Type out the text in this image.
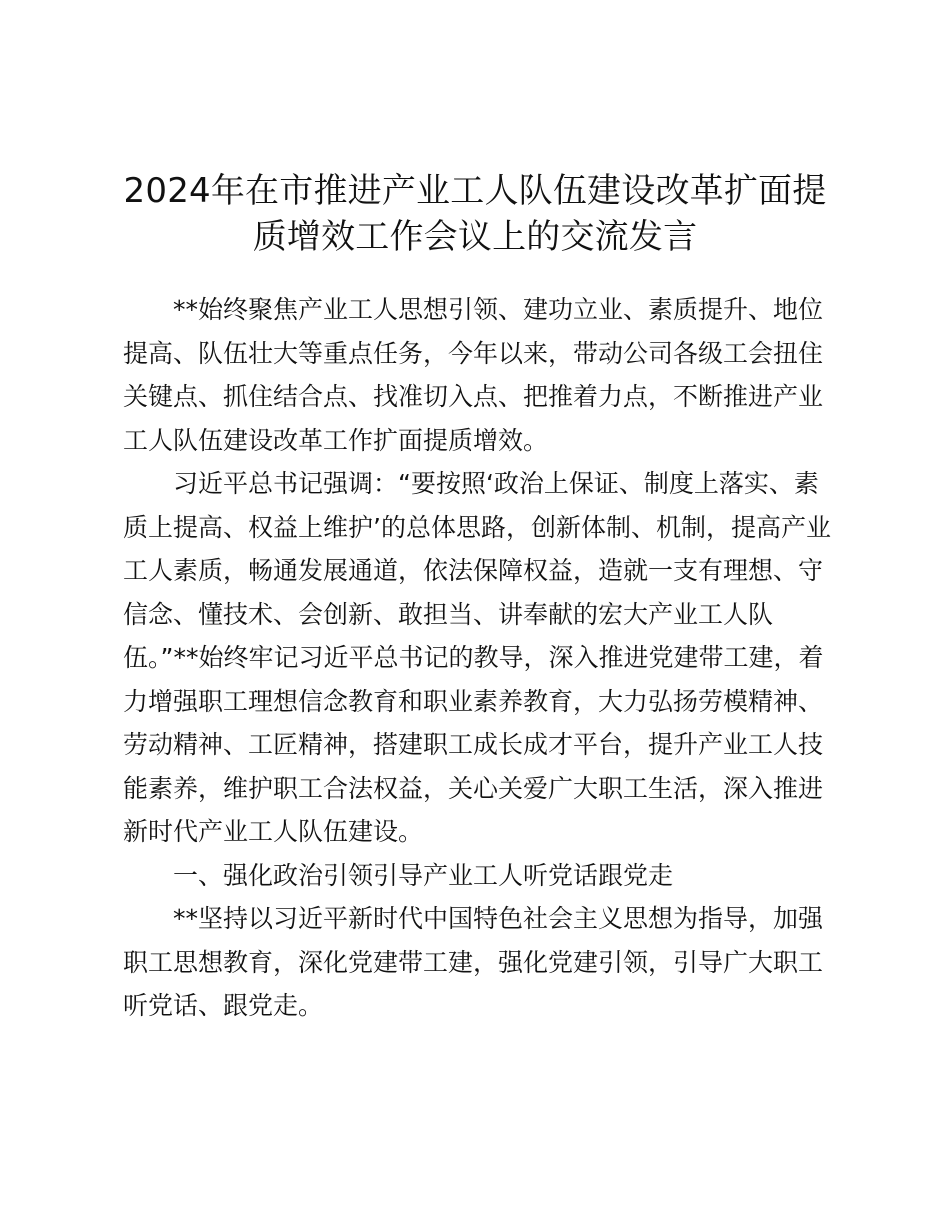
2024年在市推进产业工人队伍建设改革扩面提
质增效工作会议上的交流发言

**始终聚焦产业工人思想引领、建功立业、素质提升、地位
提高、队伍壮大等重点任务，今年以来，带动公司各级工会扭住
关键点、抓住结合点、找准切入点、把推着力点，不断推进产业
工人队伍建设改革工作扩面提质增效。

习近平总书记强调：“要按照‘政治上保证、制度上落实、素
质上提高、权益上维护’的总体思路，创新体制、机制，提高产业
工人素质，畅通发展通道，依法保障权益，造就一支有理想、守
信念、懂技术、会创新、敢担当、讲奉献的宏大产业工人队
伍。”**始终牢记习近平总书记的教导，深入推进党建带工建，着
力增强职工理想信念教育和职业素养教育，大力弘扬劳模精神、
劳动精神、工匠精神，搭建职工成长成才平台，提升产业工人技
能素养，维护职工合法权益，关心关爱广大职工生活，深入推进
新时代产业工人队伍建设。

一、强化政治引领引导产业工人听党话跟党走

**坚持以习近平新时代中国特色社会主义思想为指导，加强
职工思想教育，深化党建带工建，强化党建引领，引导广大职工
听党话、跟党走。
